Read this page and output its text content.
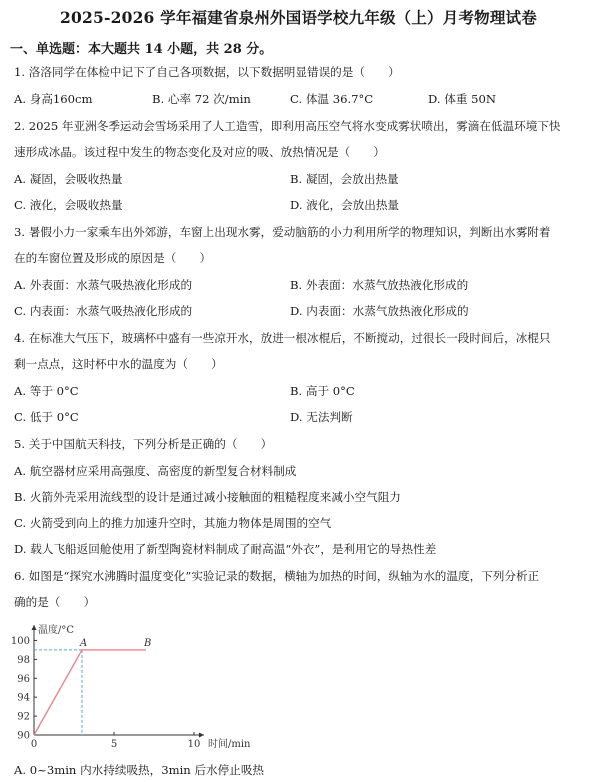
2025-2026 学年福建省泉州外国语学校九年级（上）月考物理试卷
一、单选题：本大题共 14 小题，共 28 分。
1. 洛洛同学在体检中记下了自己各项数据，以下数据明显错误的是（　　）
A. 身高160cm	B. 心率 72 次/min	C. 体温 36.7°C	D. 体重 50N
2. 2025 年亚洲冬季运动会雪场采用了人工造雪，即利用高压空气将水变成雾状喷出，雾滴在低温环境下快
速形成冰晶。该过程中发生的物态变化及对应的吸、放热情况是（　　）
A. 凝固，会吸收热量	B. 凝固，会放出热量
C. 液化，会吸收热量	D. 液化，会放出热量
3. 暑假小力一家乘车出外郊游，车窗上出现水雾，爱动脑筋的小力利用所学的物理知识，判断出水雾附着
在的车窗位置及形成的原因是（　　）
A. 外表面：水蒸气吸热液化形成的	B. 外表面：水蒸气放热液化形成的
C. 内表面：水蒸气吸热液化形成的	D. 内表面：水蒸气放热液化形成的
4. 在标准大气压下，玻璃杯中盛有一些凉开水，放进一根冰棍后，不断搅动，过很长一段时间后，冰棍只
剩一点点，这时杯中水的温度为（　　）
A. 等于 0°C	B. 高于 0°C
C. 低于 0°C	D. 无法判断
5. 关于中国航天科技，下列分析是正确的（　　）
A. 航空器材应采用高强度、高密度的新型复合材料制成
B. 火箭外壳采用流线型的设计是通过减小接触面的粗糙程度来减小空气阻力
C. 火箭受到向上的推力加速升空时，其施力物体是周围的空气
D. 载人飞船返回舱使用了新型陶瓷材料制成了耐高温“外衣”，是利用它的导热性差
6. 如图是“探究水沸腾时温度变化”实验记录的数据，横轴为加热的时间，纵轴为水的温度，下列分析正
确的是（　　）
90
92
94
96
98
100
0	5	10
温度/°C
时间/min
A	B
A. 0~3min 内水持续吸热，3min 后水停止吸热
